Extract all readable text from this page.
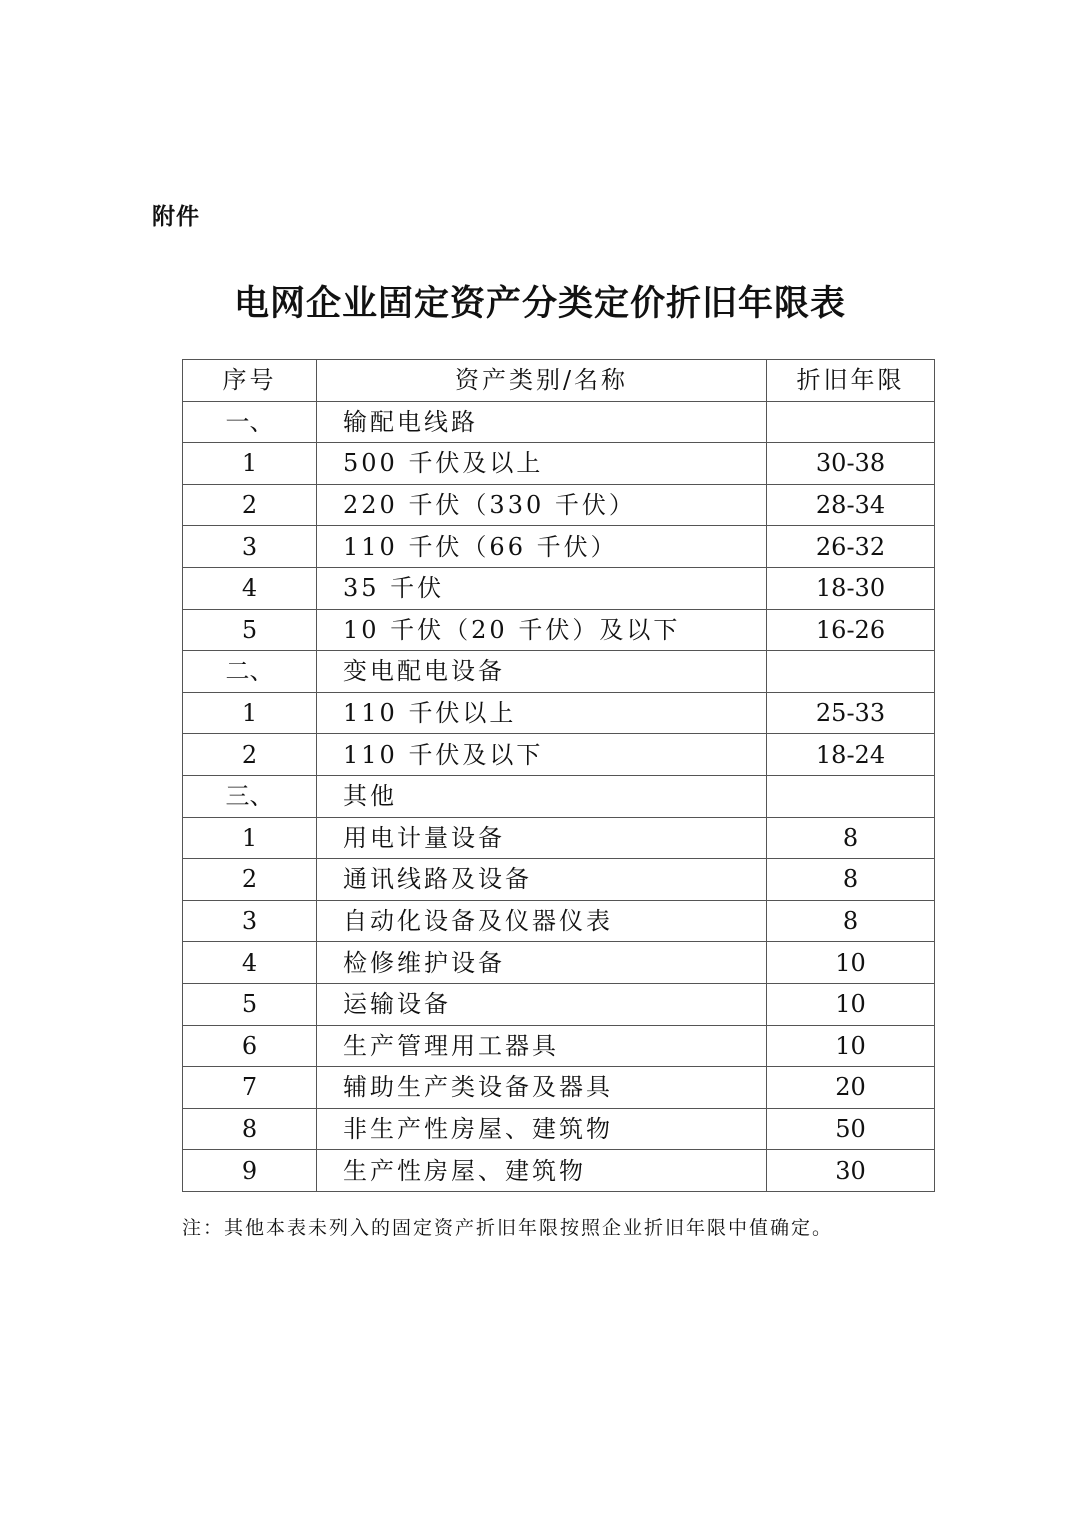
附件
电网企业固定资产分类定价折旧年限表
序号	资产类别/名称	折旧年限
一、	输配电线路	
1	500 千伏及以上	30-38
2	220 千伏（330 千伏）	28-34
3	110 千伏（66 千伏）	26-32
4	35 千伏	18-30
5	10 千伏（20 千伏）及以下	16-26
二、	变电配电设备	
1	110 千伏以上	25-33
2	110 千伏及以下	18-24
三、	其他	
1	用电计量设备	8
2	通讯线路及设备	8
3	自动化设备及仪器仪表	8
4	检修维护设备	10
5	运输设备	10
6	生产管理用工器具	10
7	辅助生产类设备及器具	20
8	非生产性房屋、建筑物	50
9	生产性房屋、建筑物	30
注：其他本表未列入的固定资产折旧年限按照企业折旧年限中值确定。
